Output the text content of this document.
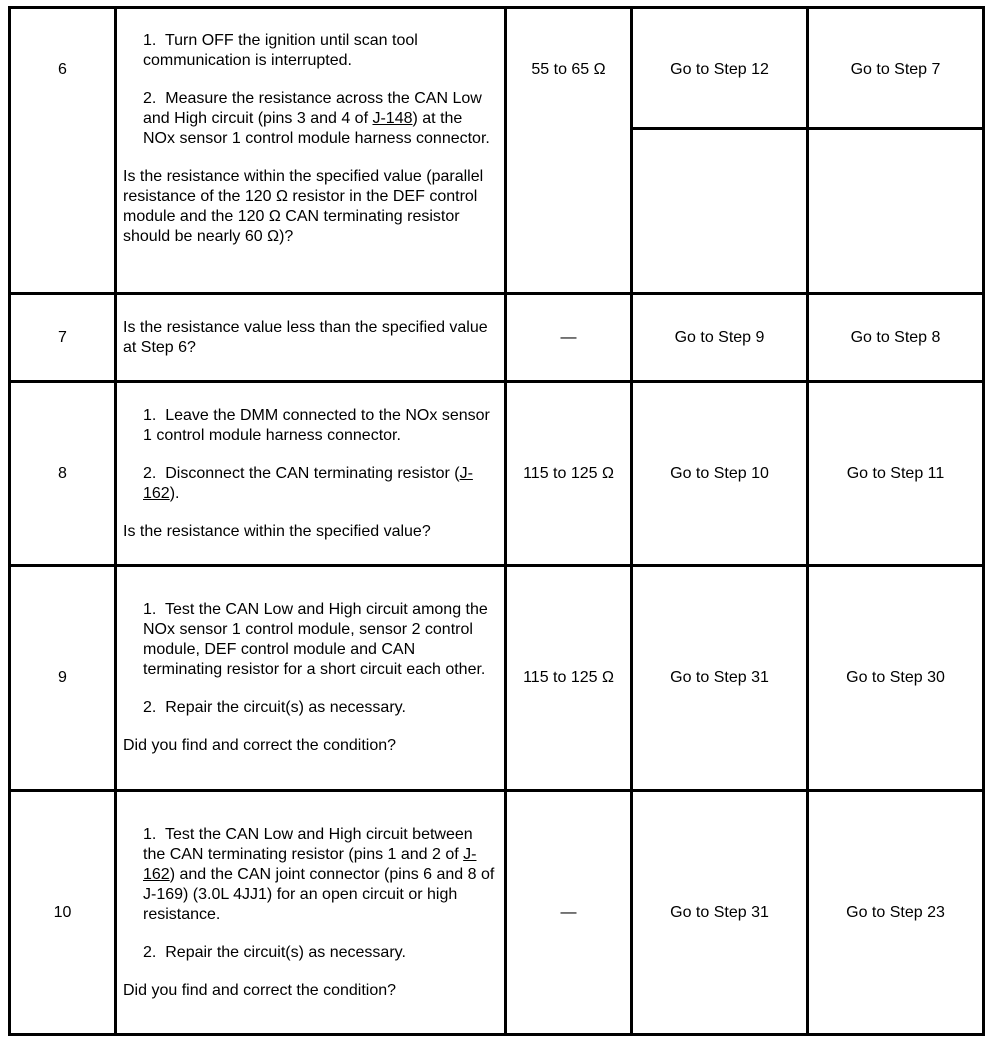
6	1. Turn OFF the ignition until scan tool communication is interrupted.
2. Measure the resistance across the CAN Low and High circuit (pins 3 and 4 of J-148) at the NOx sensor 1 control module harness connector.
Is the resistance within the specified value (parallel resistance of the 120 Ω resistor in the DEF control module and the 120 Ω CAN terminating resistor should be nearly 60 Ω)?	55 to 65 Ω	Go to Step 12	Go to Step 7

7	Is the resistance value less than the specified value at Step 6?	—	Go to Step 9	Go to Step 8
8	1. Leave the DMM connected to the NOx sensor 1 control module harness connector.
2. Disconnect the CAN terminating resistor (J-162).
Is the resistance within the specified value?	115 to 125 Ω	Go to Step 10	Go to Step 11
9	1. Test the CAN Low and High circuit among the NOx sensor 1 control module, sensor 2 control module, DEF control module and CAN terminating resistor for a short circuit each other.
2. Repair the circuit(s) as necessary.
Did you find and correct the condition?	115 to 125 Ω	Go to Step 31	Go to Step 30
10	1. Test the CAN Low and High circuit between the CAN terminating resistor (pins 1 and 2 of J-162) and the CAN joint connector (pins 6 and 8 of J-169) (3.0L 4JJ1) for an open circuit or high resistance.
2. Repair the circuit(s) as necessary.
Did you find and correct the condition?	—	Go to Step 31	Go to Step 23
